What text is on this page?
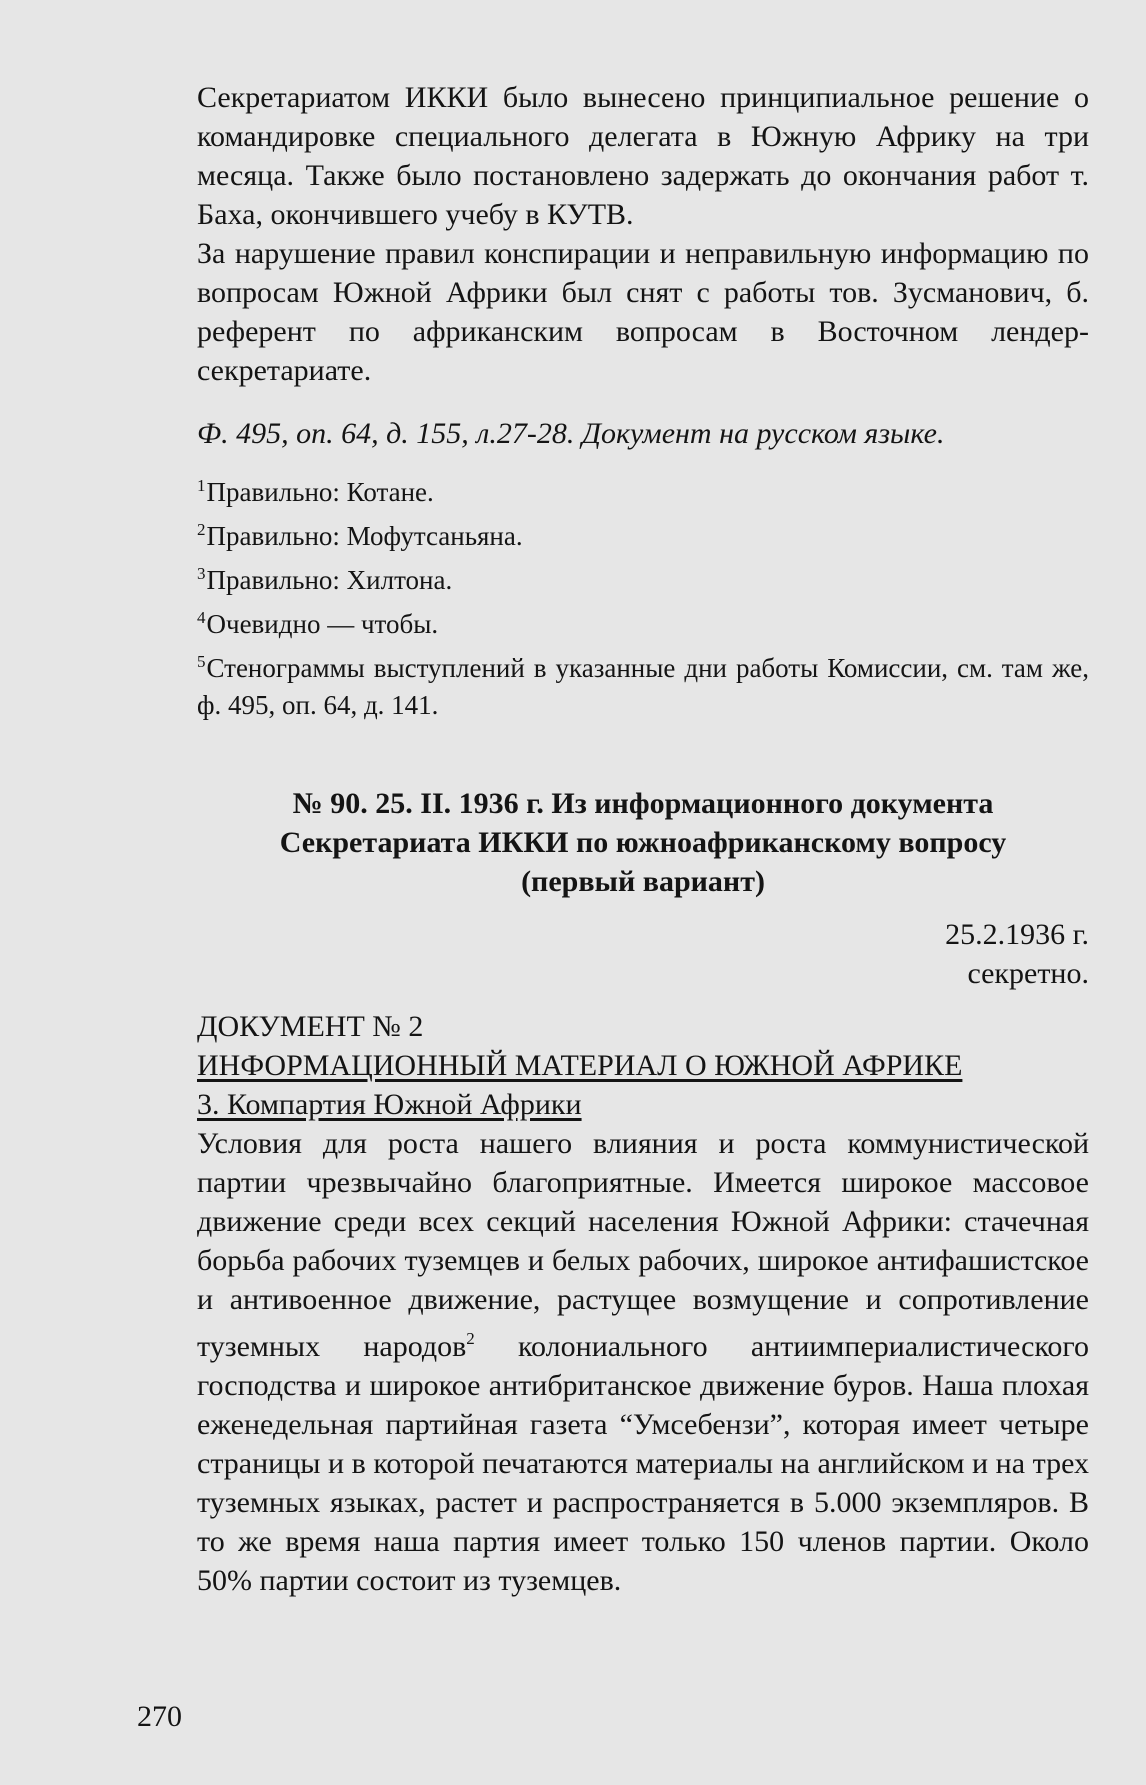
Секретариатом ИККИ было вынесено принципиальное решение о командировке специального делегата в Южную Африку на три месяца. Также было постановлено задержать до окончания работ т. Баха, окончившего учебу в КУТВ.

За нарушение правил конспирации и неправильную информацию по вопросам Южной Африки был снят с работы тов. Зусманович, б. референт по африканским вопросам в Восточном лендер-секретариате.

Ф. 495, оп. 64, д. 155, л.27-28. Документ на русском языке.

$^1$Правильно: Котане.

$^2$Правильно: Мофутсаньяна.

$^3$Правильно: Хилтона.

$^4$Очевидно — чтобы.

$^5$Стенограммы выступлений в указанные дни работы Комиссии, см. там же, ф. 495, оп. 64, д. 141.

№ 90. 25. II. 1936 г. Из информационного документа

Секретариата ИККИ по южноафриканскому вопросу

(первый вариант)

25.2.1936 г.

секретно.

ДОКУМЕНТ № 2

ИНФОРМАЦИОННЫЙ МАТЕРИАЛ О ЮЖНОЙ АФРИКЕ

3. Компартия Южной Африки

Условия для роста нашего влияния и роста коммунистической партии чрезвычайно благоприятные. Имеется широкое массовое движение среди всех секций населения Южной Африки: стачечная борьба рабочих туземцев и белых рабочих, широкое антифашистское и антивоенное движение, растущее возмущение и сопротивление туземных народов$^2$ колониального антиимпериалистического господства и широкое антибританское движение буров. Наша плохая еженедельная партийная газета “Умсебензи”, которая имеет четыре страницы и в которой печатаются материалы на английском и на трех туземных языках, растет и распространяется в 5.000 экземпляров. В то же время наша партия имеет только 150 членов партии. Около 50% партии состоит из туземцев.

270
